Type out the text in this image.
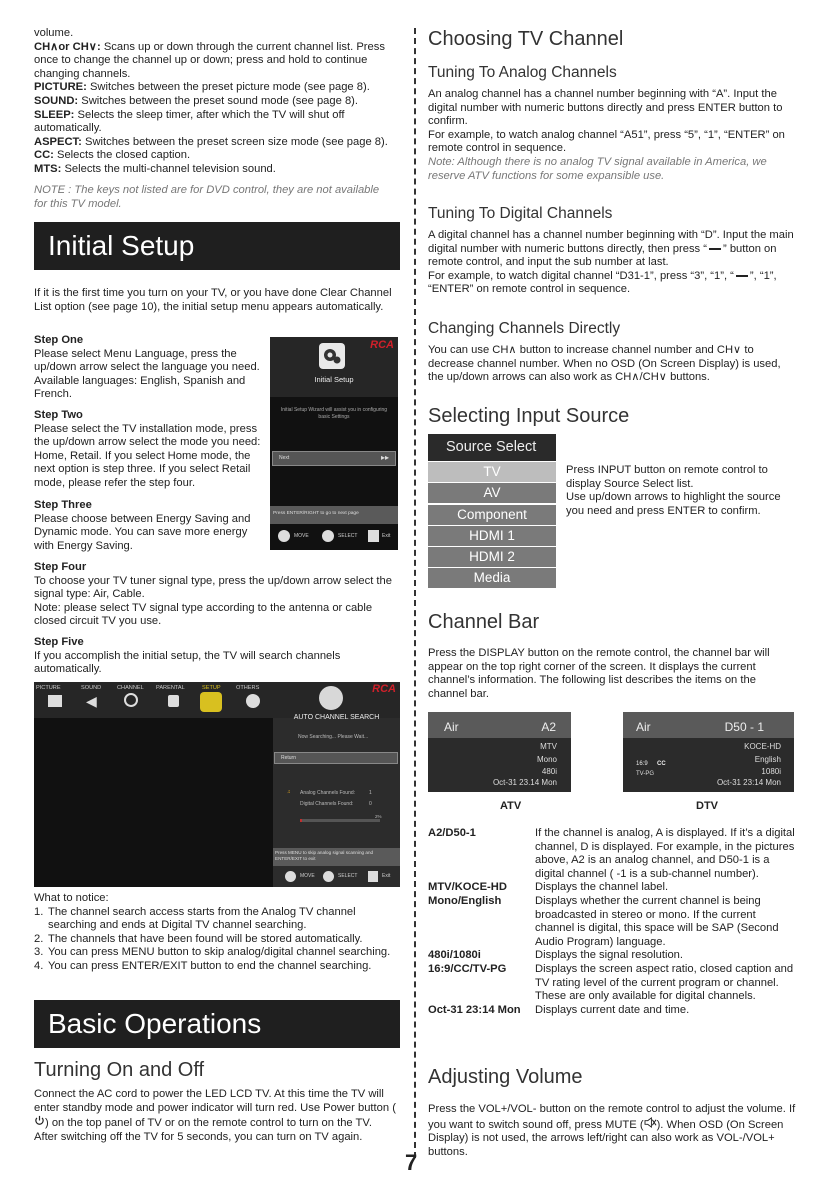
volume.

CH∧or CH∨: Scans up or down through the current channel list. Press once to change the channel up or down; press and hold to continue changing channels.

PICTURE: Switches between the preset picture mode (see page 8).

SOUND: Switches between the preset sound mode (see page 8).

SLEEP: Selects the sleep timer, after which the TV will shut off automatically.

ASPECT: Switches between the preset screen size mode (see page 8).

CC: Selects the closed caption.

MTS: Selects the multi-channel television sound.

NOTE : The keys not listed are for DVD control, they are not available for this TV model.

Initial Setup

If it is the first time you turn on your TV, or you have done Clear Channel List option (see page 10), the initial setup menu appears automatically.

Step One

Please select Menu Language, press the up/down arrow select the language you need. Available languages: English, Spanish and French.

Step Two

Please select the TV installation mode, press the up/down arrow select the mode you need: Home, Retail. If you select Home mode, the next option is step three. If you select Retail mode, please refer the step four.

Step Three

Please choose between Energy Saving and Dynamic mode. You can save more energy with Energy Saving.

Step Four

To choose your TV tuner signal type, press the up/down arrow select the signal type: Air, Cable.
Note: please select TV signal type according to the antenna or cable closed circuit TV you use.

Step Five

If you accomplish the initial setup, the TV will search channels automatically.

RCA
Initial Setup
Initial Setup Wizard will assist you in configuring basic Settings
Next	▸▸
Press ENTER/RIGHT to go to next page
MOVE	SELECT	Exit
PICTURE	SOUND	CHANNEL PARENTAL	SETUP	OTHERS
◀
RCA
AUTO CHANNEL SEARCH
Now Searching... Please Wait...
Return
♫ Analog Channels Found:	1
Digital Channels Found:	0
2%
Press MENU to skip analog signal scanning and ENTER/EXIT to exit
MOVE	SELECT	Exit

What to notice:

1. The channel search access starts from the Analog TV channel searching and ends at Digital TV channel searching.
2. The channels that have been found will be stored automatically.
3. You can press MENU button to skip analog/digital channel searching.
4. You can press ENTER/EXIT button to end the channel searching.
Basic Operations
Turning On and Off

Connect the AC cord to power the LED LCD TV. At this time the TV will enter standby mode and power indicator will turn red. Use Power button () on the top panel of TV or on the remote control to turn on the TV. After switching off the TV for 5 seconds, you can turn on TV again.

Choosing TV Channel
Tuning To Analog Channels

An analog channel has a channel number beginning with “A”. Input the digital number with numeric buttons directly and press ENTER button to confirm.
For example, to watch analog channel “A51”, press “5”, “1”, “ENTER” on remote control in sequence.

Note: Although there is no analog TV signal available in America, we reserve ATV functions for some expansible use.

Tuning To Digital Channels

A digital channel has a channel number beginning with “D”. Input the main digital number with numeric buttons directly, then press “ ” button on remote control, and input the sub number at last.
For example, to watch digital channel “D31-1”, press “3”, “1”, “ ”, “1”, “ENTER” on remote control in sequence.

Changing Channels Directly

You can use CH∧ button to increase channel number and CH∨ to decrease channel number. When no OSD (On Screen Display) is used, the up/down arrows can also work as CH∧/CH∨ buttons.

Selecting Input Source
Source Select
TV
AV
Component
HDMI 1
HDMI 2
Media

Press INPUT button on remote control to display Source Select list.
Use up/down arrows to highlight the source you need and press ENTER to confirm.

Channel Bar

Press the DISPLAY button on the remote control, the channel bar will appear on the top right corner of the screen. It displays the current channel’s information. The following list describes the items on the channel bar.

Air	A2
MTV
Mono
480i
Oct-31 23.14 Mon
ATV
Air	D50 - 1
KOCE-HD
English
16:9 CC
TV-PG	1080i
Oct-31 23:14 Mon
DTV
A2/D50-1	If the channel is analog, A is displayed. If it’s a digital channel, D is displayed. For example, in the pictures above, A2 is an analog channel, and D50-1 is a digital channel ( -1 is a sub-channel number).
MTV/KOCE-HD	Displays the channel label.
Mono/English	Displays whether the current channel is being broadcasted in stereo or mono. If the current channel is digital, this space will be SAP (Second Audio Program) language.
480i/1080i	Displays the signal resolution.
16:9/CC/TV-PG	Displays the screen aspect ratio, closed caption and TV rating level of the current program or channel. These are only available for digital channels.
Oct-31 23:14 Mon	Displays current date and time.
Adjusting Volume

Press the VOL+/VOL- button on the remote control to adjust the volume. If you want to switch sound off, press MUTE ( ). When OSD (On Screen Display) is not used, the arrows left/right can also work as VOL-/VOL+ buttons.

7
